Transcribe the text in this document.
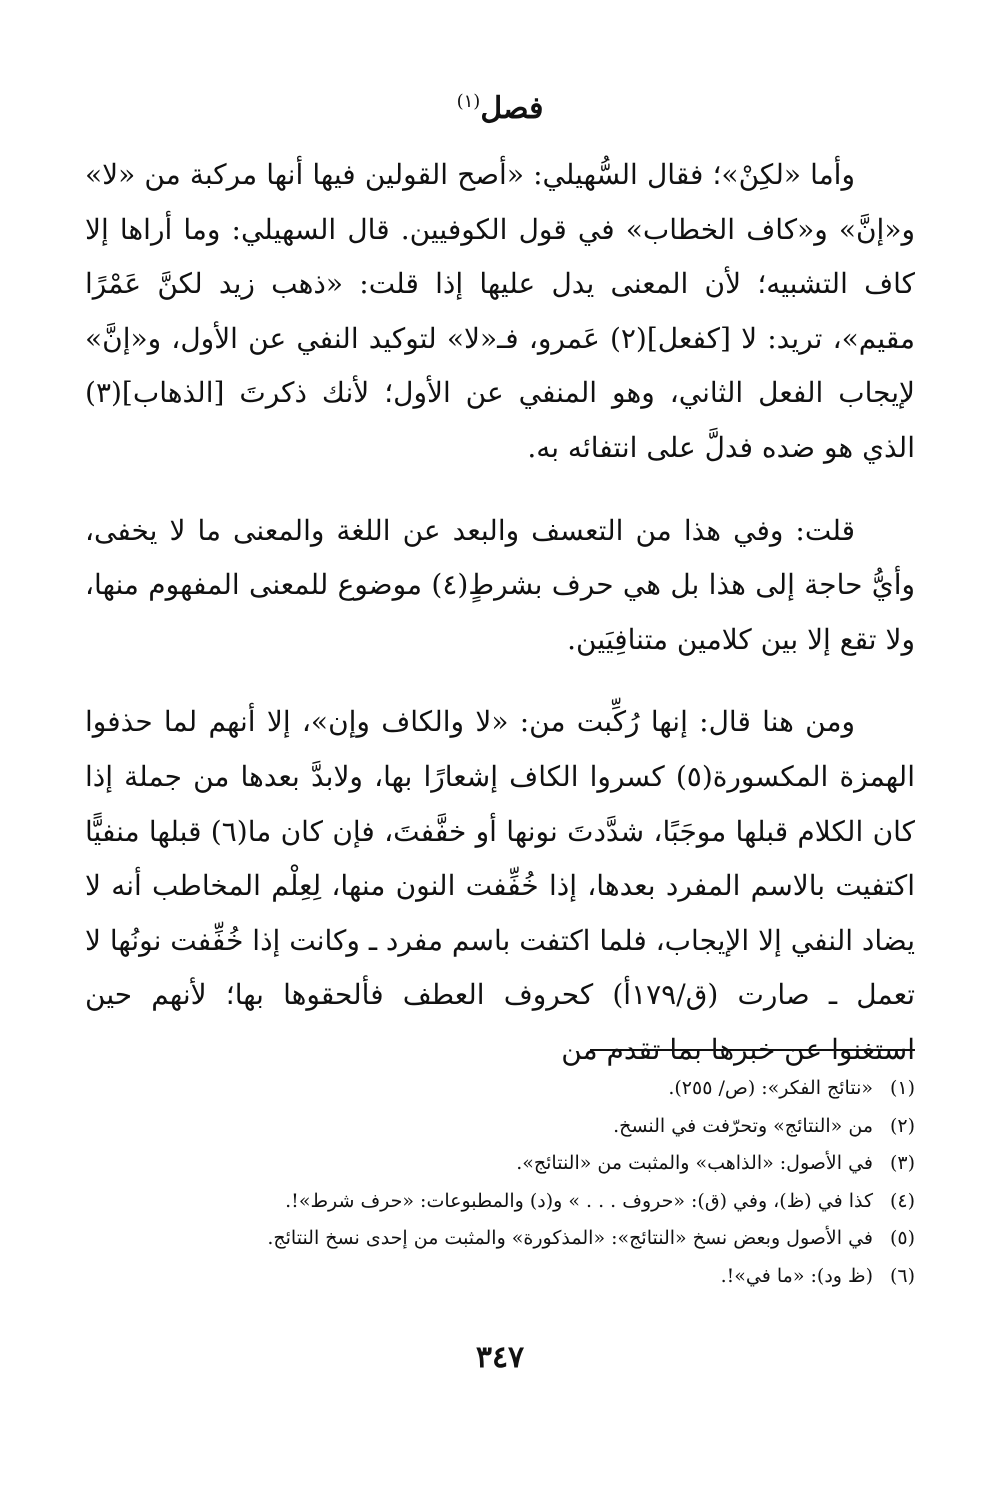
فصل$^{(١)}$

وأما «لكِنْ»؛ فقال السُّهيلي: «أصح القولين فيها أنها مركبة من «لا» و«إنَّ» و«كاف الخطاب» في قول الكوفيين. قال السهيلي: وما أراها إلا كاف التشبيه؛ لأن المعنى يدل عليها إذا قلت: «ذهب زيد لكنَّ عَمْرًا مقيم»، تريد: لا [كفعل](٢) عَمرو، فـ«لا» لتوكيد النفي عن الأول، و«إنَّ» لإيجاب الفعل الثاني، وهو المنفي عن الأول؛ لأنك ذكرتَ [الذهاب](٣) الذي هو ضده فدلَّ على انتفائه به.

قلت: وفي هذا من التعسف والبعد عن اللغة والمعنى ما لا يخفى، وأيُّ حاجة إلى هذا بل هي حرف بشرطٍ(٤) موضوع للمعنى المفهوم منها، ولا تقع إلا بين كلامين متنافِيَين.

ومن هنا قال: إنها رُكِّبت من: «لا والكاف وإن»، إلا أنهم لما حذفوا الهمزة المكسورة(٥) كسروا الكاف إشعارًا بها، ولابدَّ بعدها من جملة إذا كان الكلام قبلها موجَبًا، شدَّدتَ نونها أو خفَّفتَ، فإن كان ما(٦) قبلها منفيًّا اكتفيت بالاسم المفرد بعدها، إذا خُفِّفت النون منها، لِعِلْم المخاطب أنه لا يضاد النفي إلا الإيجاب، فلما اكتفت باسم مفرد ـ وكانت إذا خُفِّفت نونُها لا تعمل ـ صارت (ق/١٧٩أ) كحروف العطف فألحقوها بها؛ لأنهم حين استغنوا عن خبرها بما تقدم من

(١)«نتائج الفكر»: (ص/ ٢٥٥).
(٢)من «النتائج» وتحرّفت في النسخ.
(٣)في الأصول: «الذاهب» والمثبت من «النتائج».
(٤)كذا في (ظ)، وفي (ق): «حروف . . . » و(د) والمطبوعات: «حرف شرط»!.
(٥)في الأصول وبعض نسخ «النتائج»: «المذكورة» والمثبت من إحدى نسخ النتائج.
(٦)(ظ ود): «ما في»!.
٣٤٧
